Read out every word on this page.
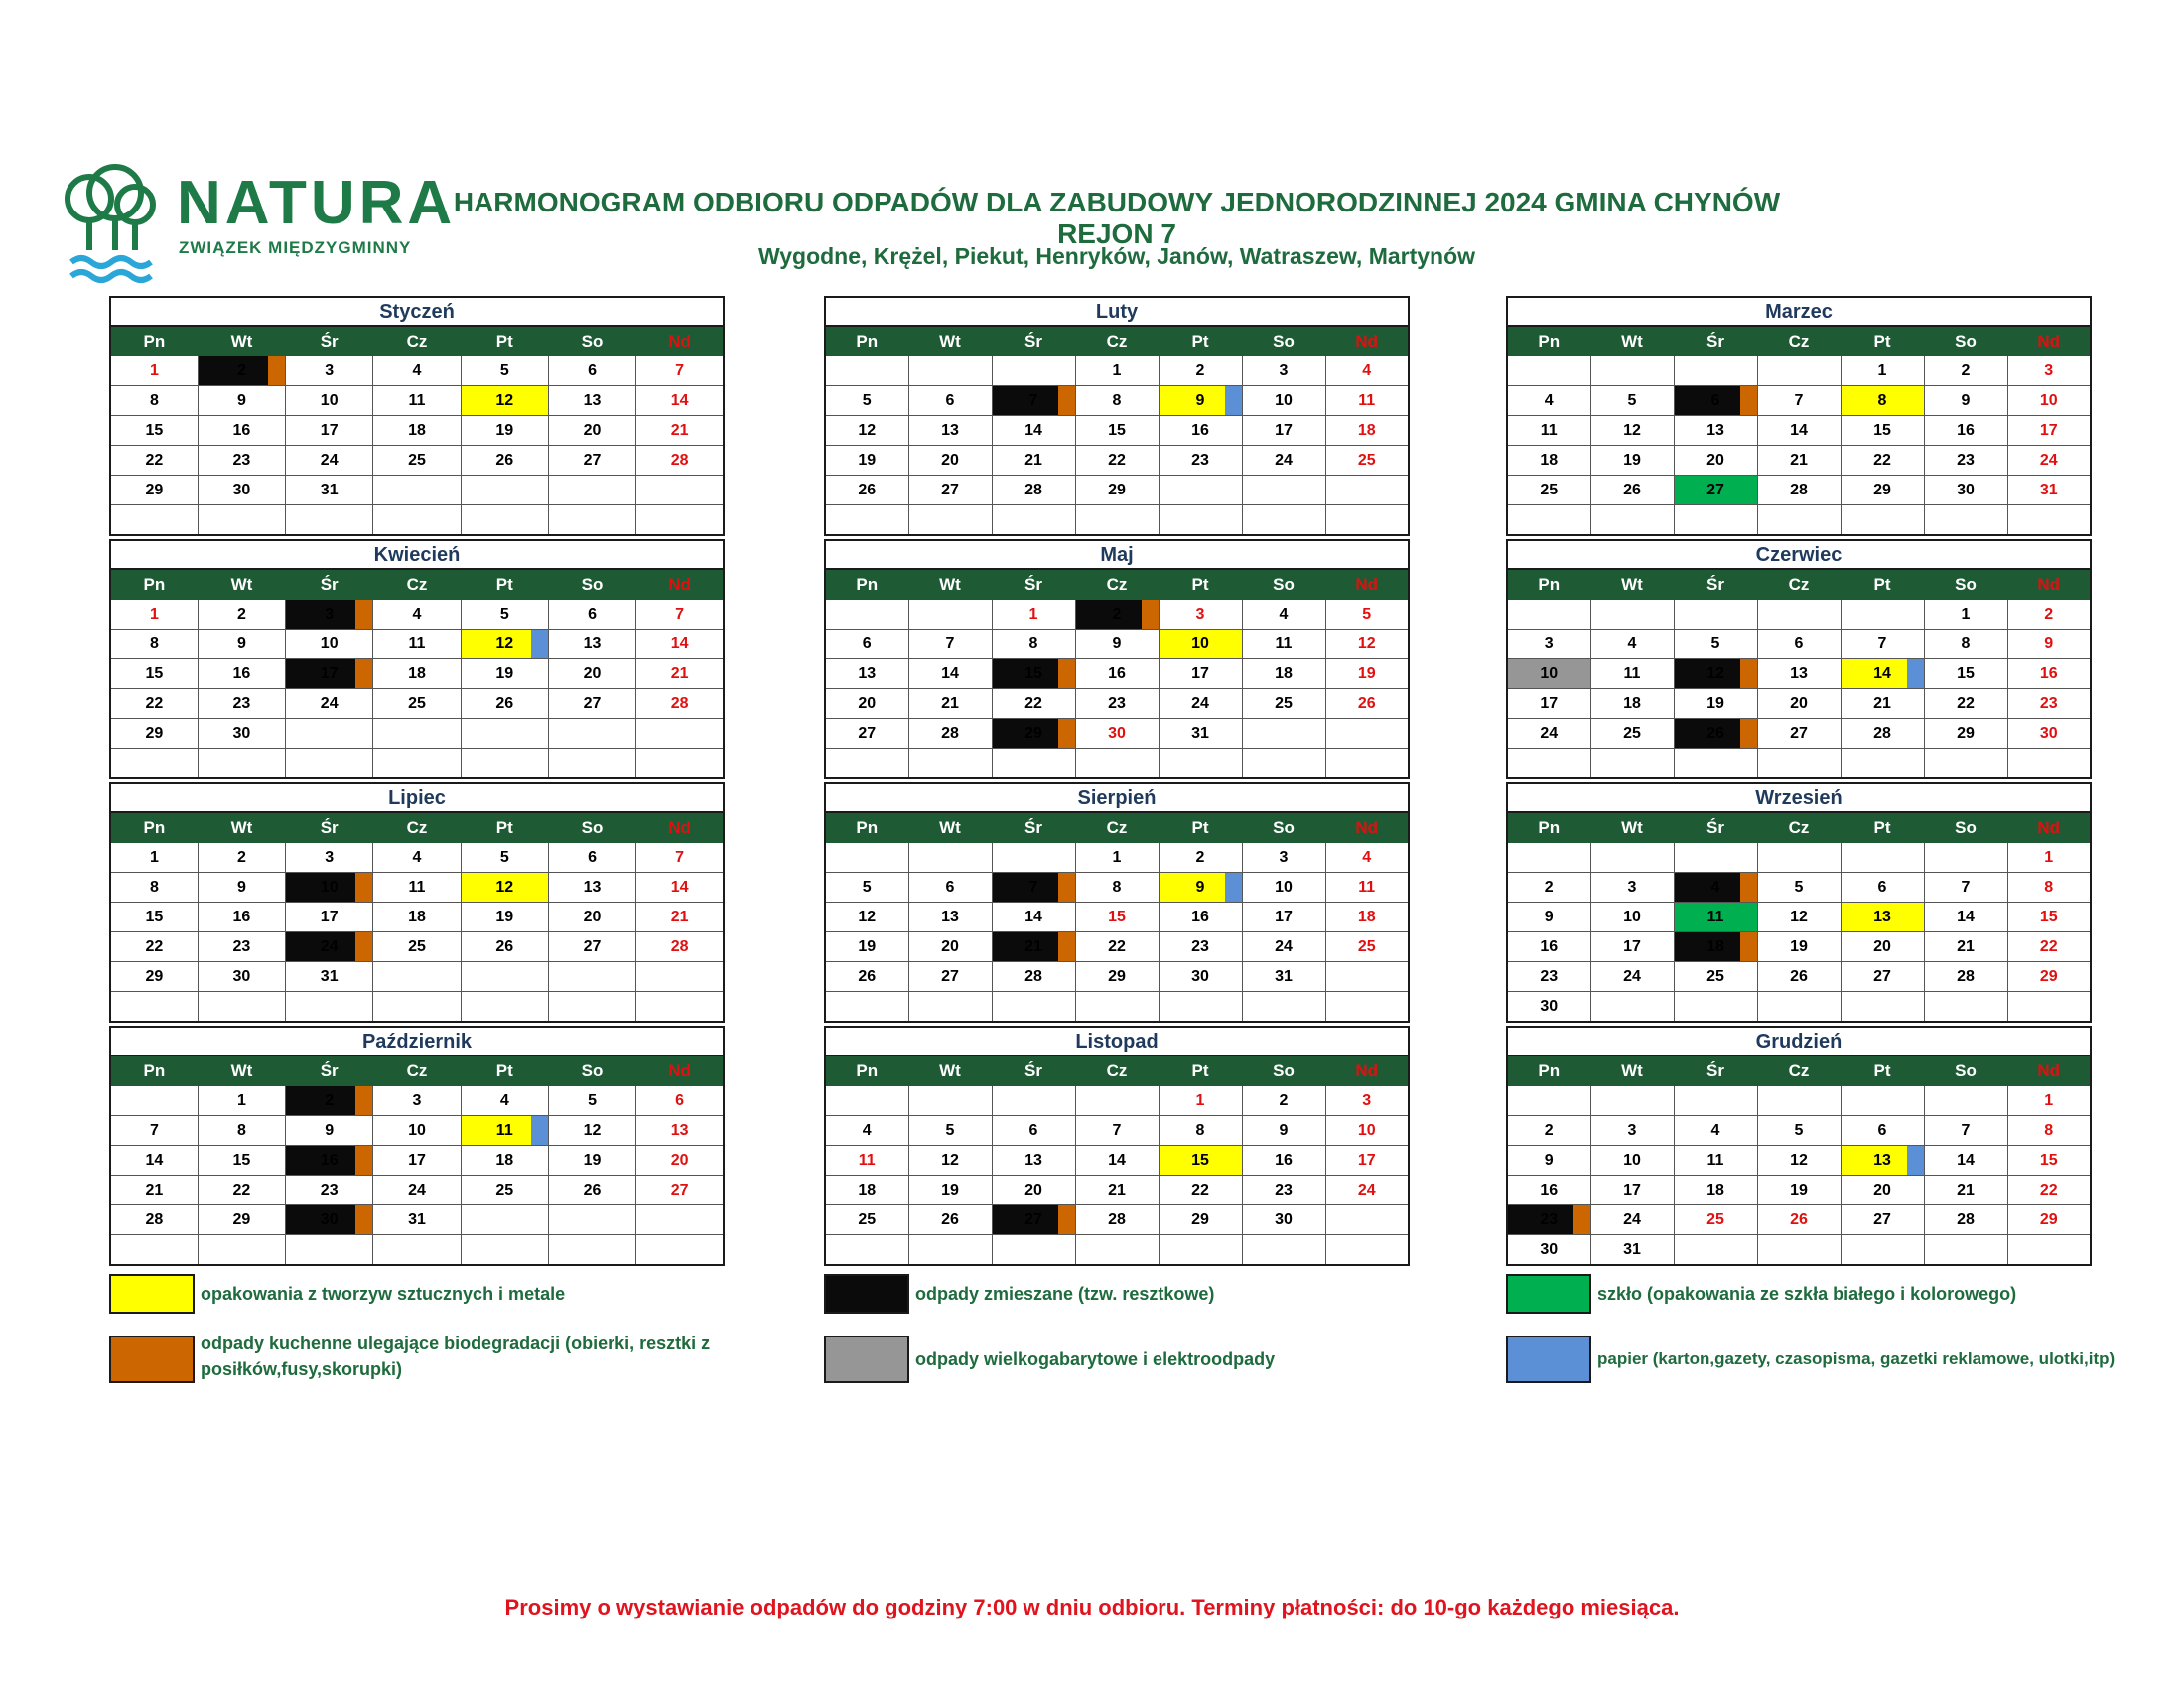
NATURA
ZWIĄZEK MIĘDZYGMINNY
HARMONOGRAM ODBIORU ODPADÓW DLA ZABUDOWY JEDNORODZINNEJ 2024 GMINA CHYNÓW REJON 7
Wygodne, Krężel, Piekut, Henryków, Janów, Watraszew, Martynów
Styczeń
Pn	Wt	Śr	Cz	Pt	So	Nd
1	2	3	4	5	6	7
8	9	10	11	12	13	14
15	16	17	18	19	20	21
22	23	24	25	26	27	28
29	30	31				

Luty
Pn	Wt	Śr	Cz	Pt	So	Nd
			1	2	3	4
5	6	7	8	9	10	11
12	13	14	15	16	17	18
19	20	21	22	23	24	25
26	27	28	29			

Marzec
Pn	Wt	Śr	Cz	Pt	So	Nd
				1	2	3
4	5	6	7	8	9	10
11	12	13	14	15	16	17
18	19	20	21	22	23	24
25	26	27	28	29	30	31

Kwiecień
Pn	Wt	Śr	Cz	Pt	So	Nd
1	2	3	4	5	6	7
8	9	10	11	12	13	14
15	16	17	18	19	20	21
22	23	24	25	26	27	28
29	30					

Maj
Pn	Wt	Śr	Cz	Pt	So	Nd
		1	2	3	4	5
6	7	8	9	10	11	12
13	14	15	16	17	18	19
20	21	22	23	24	25	26
27	28	29	30	31		

Czerwiec
Pn	Wt	Śr	Cz	Pt	So	Nd
					1	2
3	4	5	6	7	8	9
10	11	12	13	14	15	16
17	18	19	20	21	22	23
24	25	26	27	28	29	30

Lipiec
Pn	Wt	Śr	Cz	Pt	So	Nd
1	2	3	4	5	6	7
8	9	10	11	12	13	14
15	16	17	18	19	20	21
22	23	24	25	26	27	28
29	30	31				

Sierpień
Pn	Wt	Śr	Cz	Pt	So	Nd
			1	2	3	4
5	6	7	8	9	10	11
12	13	14	15	16	17	18
19	20	21	22	23	24	25
26	27	28	29	30	31	

Wrzesień
Pn	Wt	Śr	Cz	Pt	So	Nd
						1
2	3	4	5	6	7	8
9	10	11	12	13	14	15
16	17	18	19	20	21	22
23	24	25	26	27	28	29
30						
Październik
Pn	Wt	Śr	Cz	Pt	So	Nd
	1	2	3	4	5	6
7	8	9	10	11	12	13
14	15	16	17	18	19	20
21	22	23	24	25	26	27
28	29	30	31			

Listopad
Pn	Wt	Śr	Cz	Pt	So	Nd
				1	2	3
4	5	6	7	8	9	10
11	12	13	14	15	16	17
18	19	20	21	22	23	24
25	26	27	28	29	30	

Grudzień
Pn	Wt	Śr	Cz	Pt	So	Nd
						1
2	3	4	5	6	7	8
9	10	11	12	13	14	15
16	17	18	19	20	21	22
23	24	25	26	27	28	29
30	31					
opakowania z tworzyw sztucznych i metale	odpady zmieszane (tzw. resztkowe)	szkło (opakowania ze szkła białego i kolorowego)
odpady kuchenne ulegające biodegradacji (obierki, resztki z posiłków,fusy,skorupki)	odpady wielkogabarytowe i elektroodpady	papier (karton,gazety, czasopisma, gazetki reklamowe, ulotki,itp)
Prosimy o wystawianie odpadów do godziny 7:00 w dniu odbioru. Terminy płatności: do 10-go każdego miesiąca.
